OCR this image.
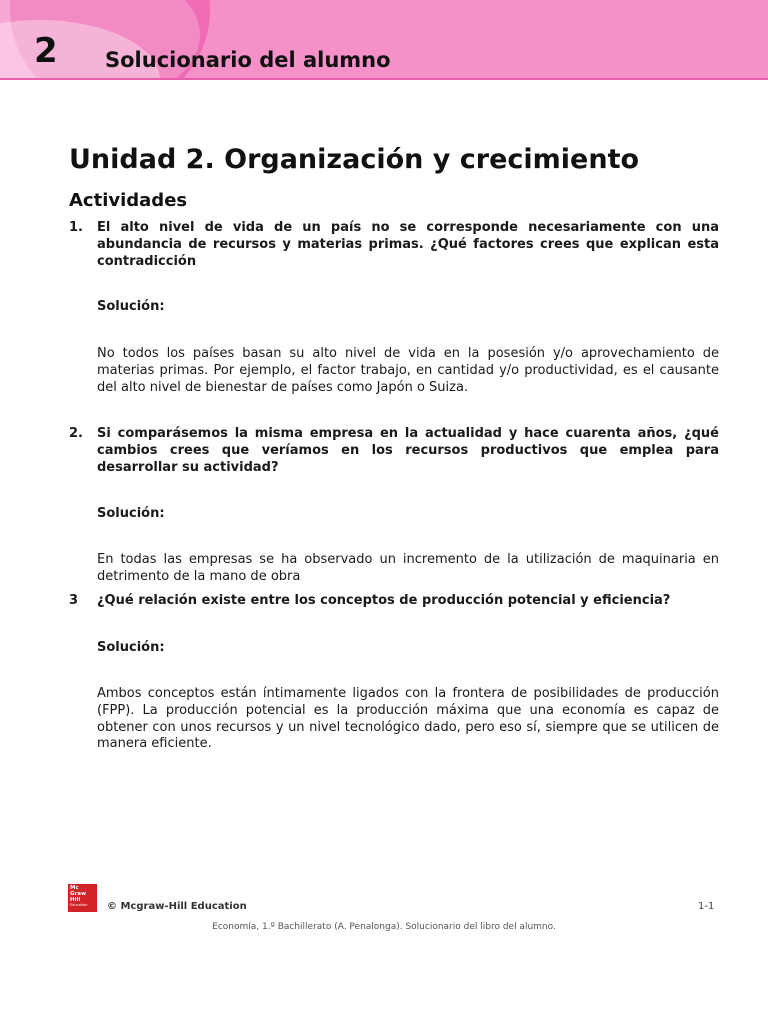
2 Solucionario del alumno
Unidad 2. Organización y crecimiento
Actividades
1. El alto nivel de vida de un país no se corresponde necesariamente con una abundancia de recursos y materias primas. ¿Qué factores crees que explican esta contradicción
Solución:
No todos los países basan su alto nivel de vida en la posesión y/o aprovechamiento de materias primas. Por ejemplo, el factor trabajo, en cantidad y/o productividad, es el causante del alto nivel de bienestar de países como Japón o Suiza.
2. Si comparásemos la misma empresa en la actualidad y hace cuarenta años, ¿qué cambios crees que veríamos en los recursos productivos que emplea para desarrollar su actividad?
Solución:
En todas las empresas se ha observado un incremento de la utilización de maquinaria en detrimento de la mano de obra
3 ¿Qué relación existe entre los conceptos de producción potencial y eficiencia?
Solución:
Ambos conceptos están íntimamente ligados con la frontera de posibilidades de producción (FPP). La producción potencial es la producción máxima que una economía es capaz de obtener con unos recursos y un nivel tecnológico dado, pero eso sí, siempre que se utilicen de manera eficiente.
Mc
Graw
Hill
Education	© Mcgraw-Hill Education	1-1
Economía, 1.º Bachillerato (A. Penalonga). Solucionario del libro del alumno.
